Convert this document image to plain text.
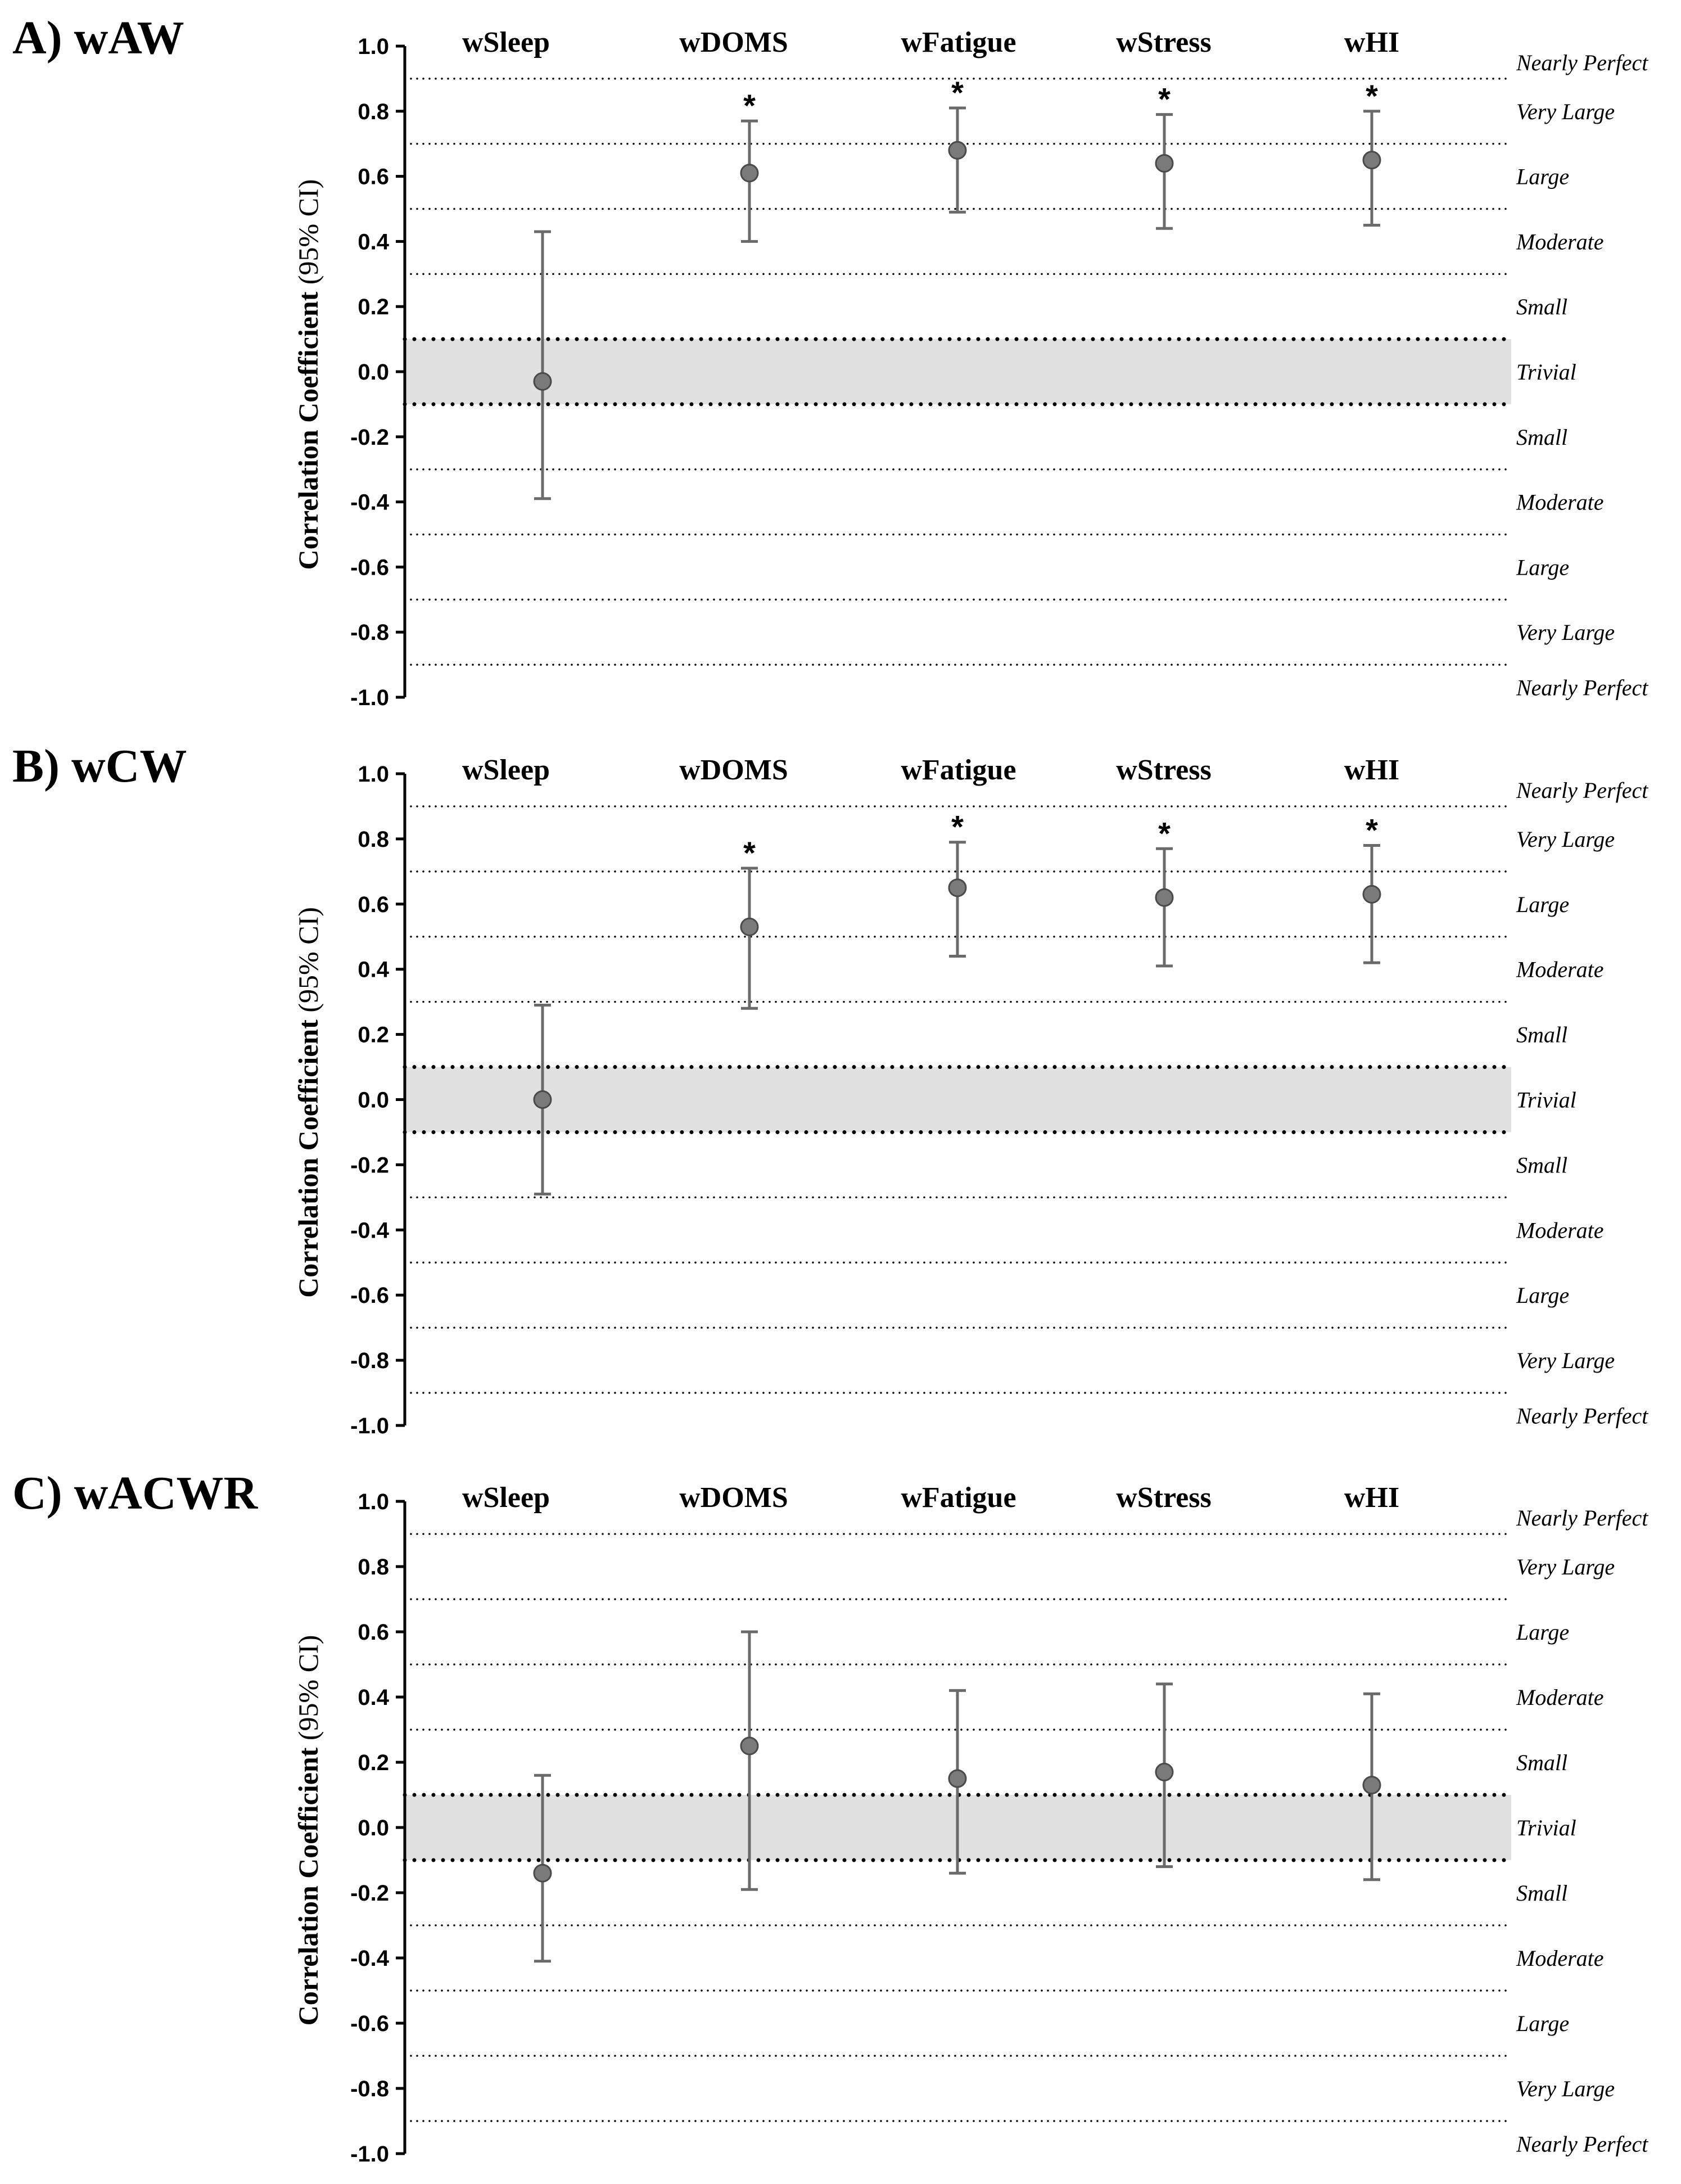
1.0
0.8
0.6
0.4
0.2
0.0
-0.2
-0.4
-0.6
-0.8
-1.0
Correlation Coefficient (95% CI)
A) wAW	wSleep	wDOMS	wFatigue	wStress	wHI
Nearly Perfect
Very Large
Large
Moderate
Small
Trivial
Small
Moderate
Large
Very Large
Nearly Perfect
*	*	*	*
1.0
0.8
0.6
0.4
0.2
0.0
-0.2
-0.4
-0.6
-0.8
-1.0
Correlation Coefficient (95% CI)
B) wCW	wSleep	wDOMS	wFatigue	wStress	wHI
Nearly Perfect
Very Large
Large
Moderate
Small
Trivial
Small
Moderate
Large
Very Large
Nearly Perfect
*
*	*	*
1.0
0.8
0.6
0.4
0.2
0.0
-0.2
-0.4
-0.6
-0.8
-1.0
Correlation Coefficient (95% CI)
C) wACWR	wSleep	wDOMS	wFatigue	wStress	wHI
Nearly Perfect
Very Large
Large
Moderate
Small
Trivial
Small
Moderate
Large
Very Large
Nearly Perfect
